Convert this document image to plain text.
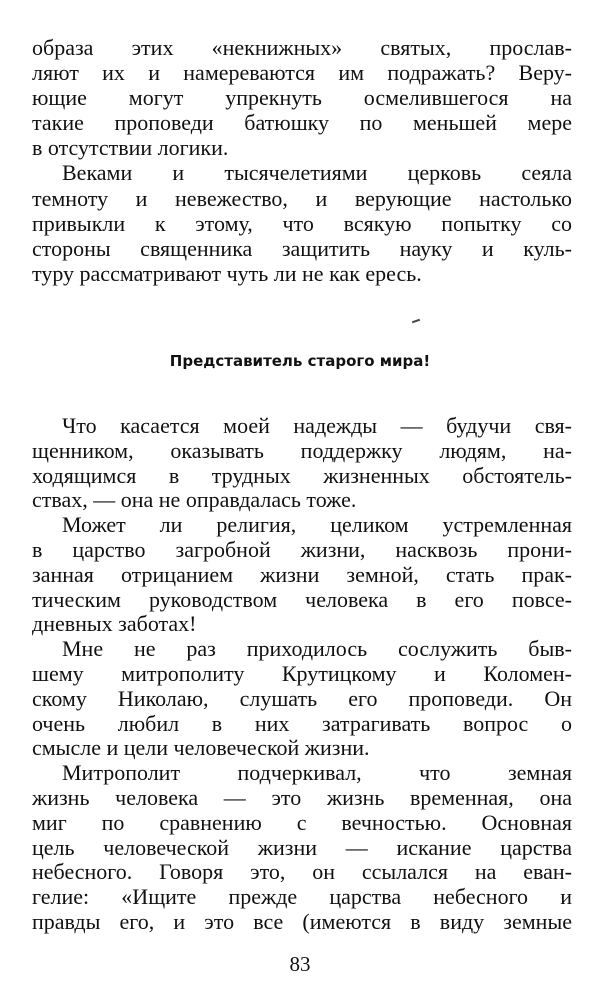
образа этих «некнижных» святых, прослав-
ляют их и намереваются им подражать? Веру-
ющие могут упрекнуть осмелившегося на
такие проповеди батюшку по меньшей мере
в отсутствии логики.
Веками и тысячелетиями церковь сеяла
темноту и невежество, и верующие настолько
привыкли к этому, что всякую попытку со
стороны священника защитить науку и куль-
туру рассматривают чуть ли не как ересь.
Представитель старого мира!
Что касается моей надежды — будучи свя-
щенником, оказывать поддержку людям, на-
ходящимся в трудных жизненных обстоятель-
ствах, — она не оправдалась тоже.
Может ли религия, целиком устремленная
в царство загробной жизни, насквозь прони-
занная отрицанием жизни земной, стать прак-
тическим руководством человека в его повсе-
дневных заботах!
Мне не раз приходилось сослужить быв-
шему митрополиту Крутицкому и Коломен-
скому Николаю, слушать его проповеди. Он
очень любил в них затрагивать вопрос о
смысле и цели человеческой жизни.
Митрополит подчеркивал, что земная
жизнь человека — это жизнь временная, она
миг по сравнению с вечностью. Основная
цель человеческой жизни — искание царства
небесного. Говоря это, он ссылался на еван-
гелие: «Ищите прежде царства небесного и
правды его, и это все (имеются в виду земные
83
